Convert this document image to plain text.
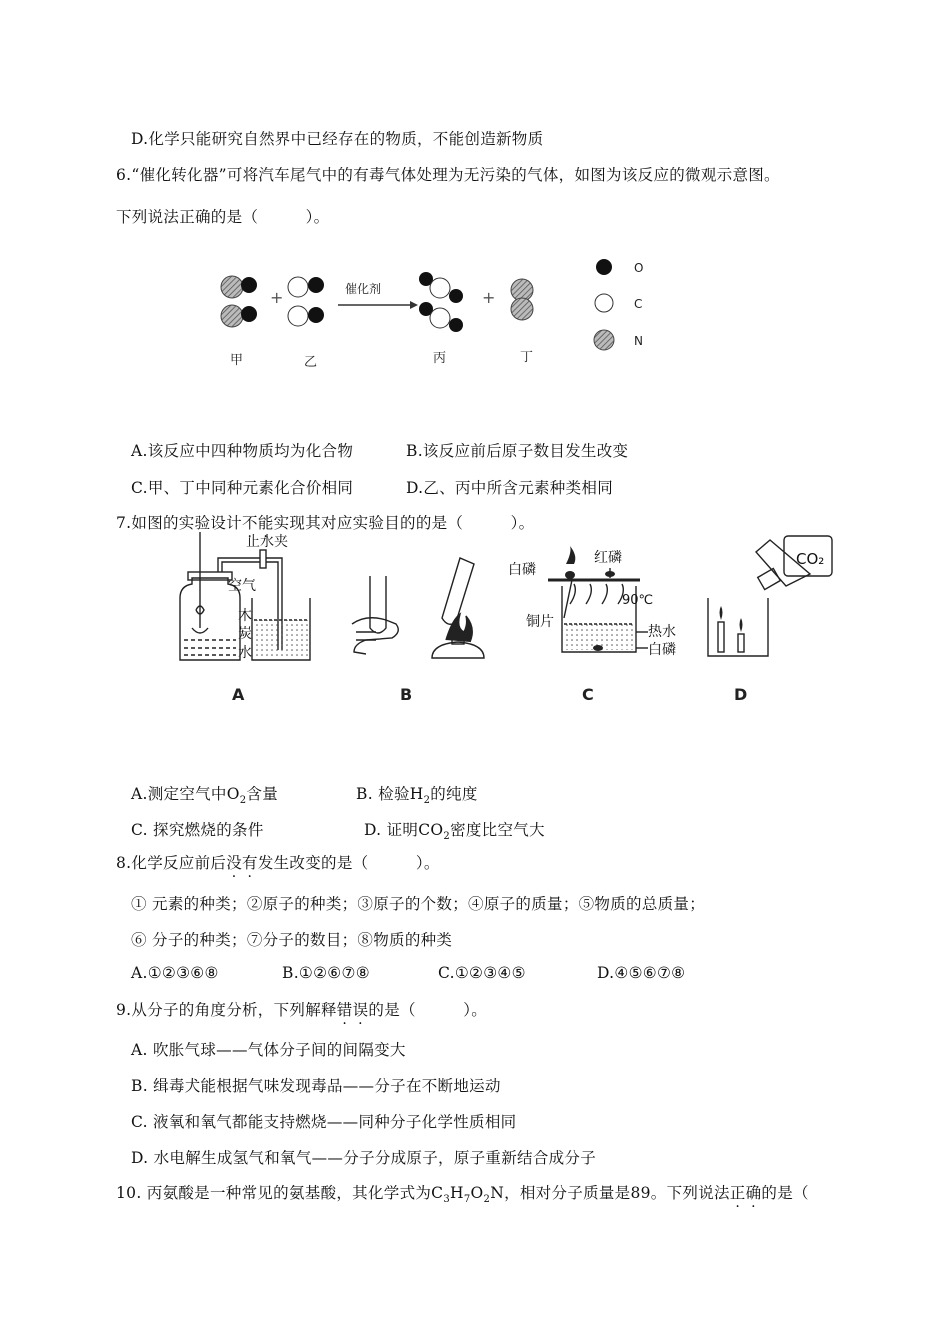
D.化学只能研究自然界中已经存在的物质，不能创造新物质
6.“催化转化器”可将汽车尾气中的有毒气体处理为无污染的气体，如图为该反应的微观示意图。
下列说法正确的是（　　　）。
+	催化剂	+
甲	乙	丙	丁
O
C
N
A.该反应中四种物质均为化合物	B.该反应前后原子数目发生改变
C.甲、丁中同种元素化合价相同	D.乙、丙中所含元素种类相同
7.如图的实验设计不能实现其对应实验目的的是（　　　）。
止水夹
空气
木
炭
水
白磷
红磷
铜片
90℃
热水
白磷
CO₂
A	B	C	D
A.测定空气中$O_2$含量	B. 检验$H_2$的纯度
C. 探究燃烧的条件	D. 证明$CO_2$密度比空气大
8.化学反应前后没有发生改变的是（　　　）。
① 元素的种类；②原子的种类；③原子的个数；④原子的质量；⑤物质的总质量；
⑥ 分子的种类；⑦分子的数目；⑧物质的种类
A.①②③⑥⑧	B.①②⑥⑦⑧	C.①②③④⑤	D.④⑤⑥⑦⑧
9.从分子的角度分析，下列解释错误的是（　　　）。
A. 吹胀气球——气体分子间的间隔变大
B. 缉毒犬能根据气味发现毒品——分子在不断地运动
C. 液氧和氧气都能支持燃烧——同种分子化学性质相同
D. 水电解生成氢气和氧气——分子分成原子，原子重新结合成分子
10. 丙氨酸是一种常见的氨基酸，其化学式为$C_3H_7O_2N$，相对分子质量是89。下列说法正确的是（
